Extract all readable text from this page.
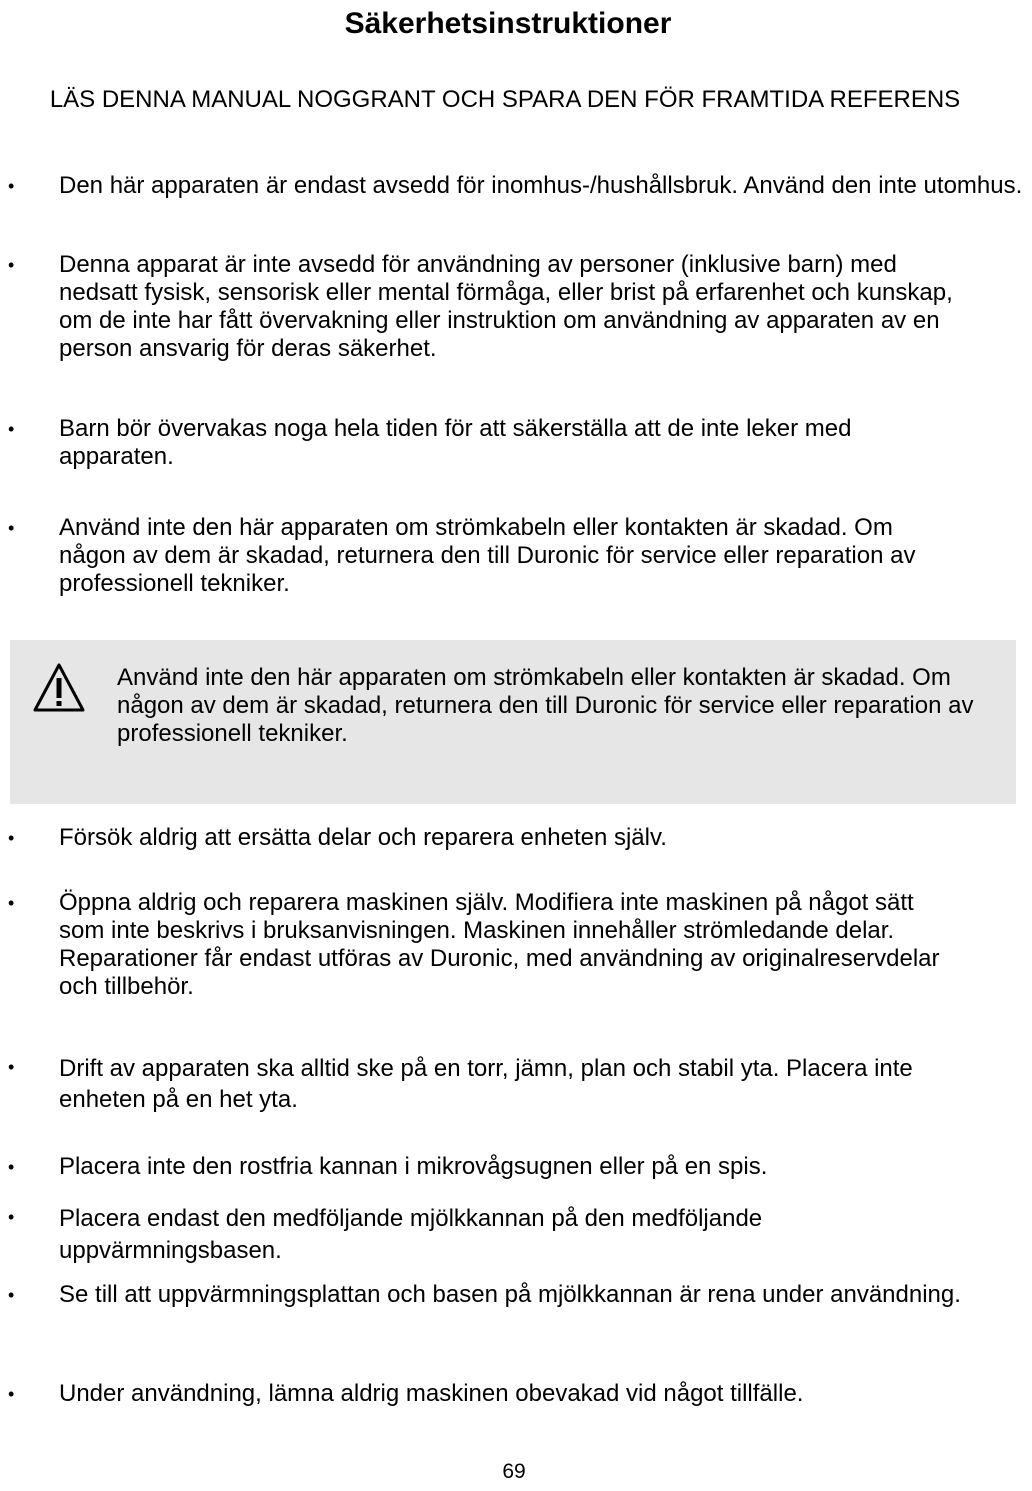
Säkerhetsinstruktioner
LÄS DENNA MANUAL NOGGRANT OCH SPARA DEN FÖR FRAMTIDA REFERENS
• Den här apparaten är endast avsedd för inomhus-/hushållsbruk. Använd den inte utomhus.
• Denna apparat är inte avsedd för användning av personer (inklusive barn) med nedsatt fysisk, sensorisk eller mental förmåga, eller brist på erfarenhet och kunskap, om de inte har fått övervakning eller instruktion om användning av apparaten av en person ansvarig för deras säkerhet.
• Barn bör övervakas noga hela tiden för att säkerställa att de inte leker med apparaten.
• Använd inte den här apparaten om strömkabeln eller kontakten är skadad. Om någon av dem är skadad, returnera den till Duronic för service eller reparation av professionell tekniker.
Använd inte den här apparaten om strömkabeln eller kontakten är skadad. Om någon av dem är skadad, returnera den till Duronic för service eller reparation av professionell tekniker.
• Försök aldrig att ersätta delar och reparera enheten själv.
• Öppna aldrig och reparera maskinen själv. Modifiera inte maskinen på något sätt som inte beskrivs i bruksanvisningen. Maskinen innehåller strömledande delar. Reparationer får endast utföras av Duronic, med användning av originalreservdelar och tillbehör.
• Drift av apparaten ska alltid ske på en torr, jämn, plan och stabil yta. Placera inte enheten på en het yta.
• Placera inte den rostfria kannan i mikrovågsugnen eller på en spis.
• Placera endast den medföljande mjölkkannan på den medföljande uppvärmningsbasen.
• Se till att uppvärmningsplattan och basen på mjölkkannan är rena under användning.
• Under användning, lämna aldrig maskinen obevakad vid något tillfälle.
69
